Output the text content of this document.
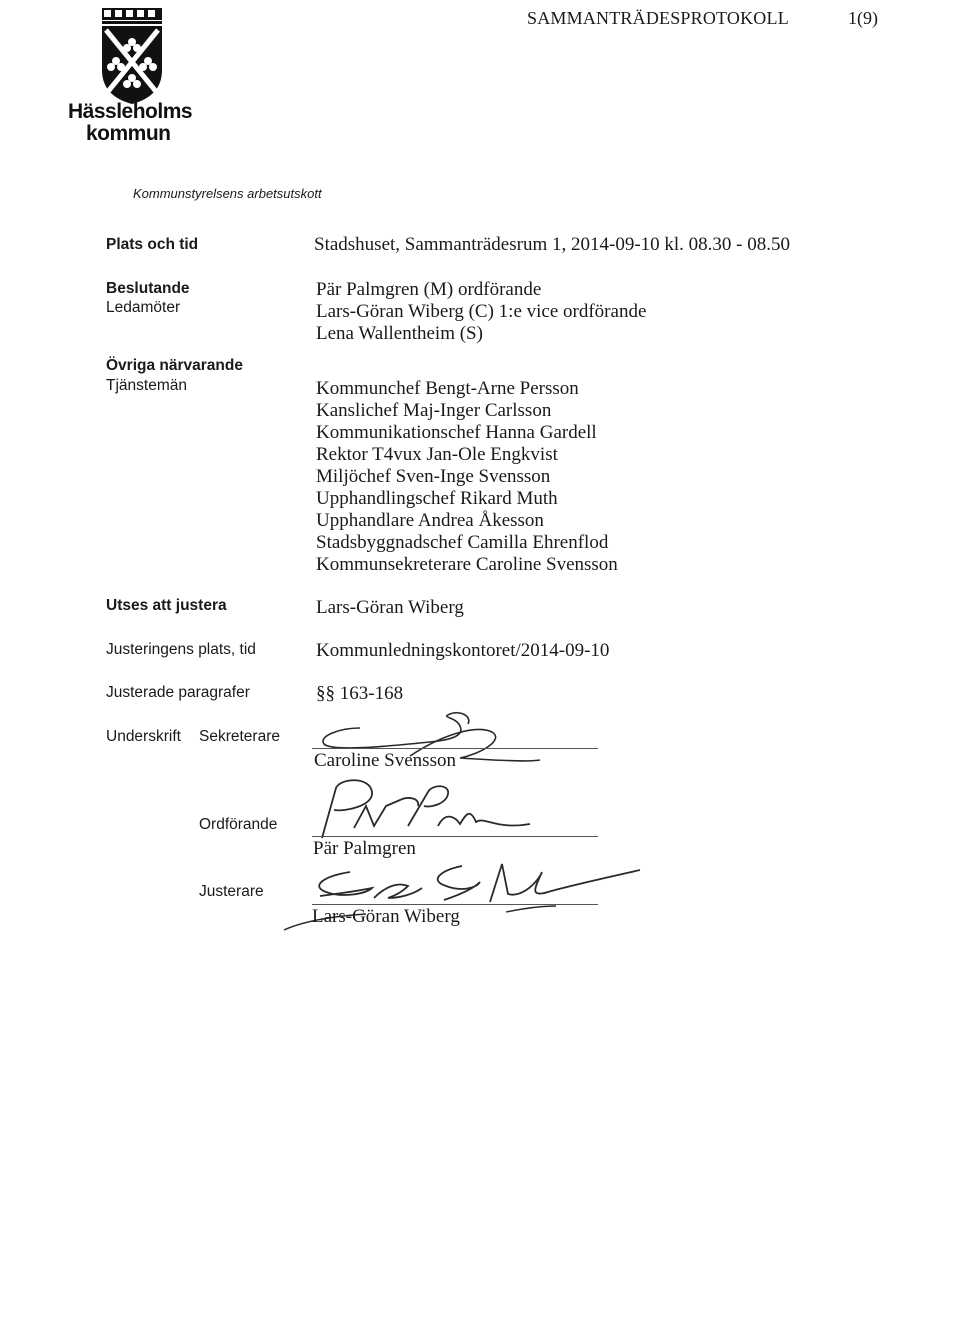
Hässleholms
kommun
SAMMANTRÄDESPROTOKOLL	1(9)
Kommunstyrelsens arbetsutskott
Plats och tid	Stadshuset, Sammanträdesrum 1, 2014-09-10 kl. 08.30 - 08.50
Beslutande
Ledamöter
Pär Palmgren (M) ordförande
Lars-Göran Wiberg (C) 1:e vice ordförande
Lena Wallentheim (S)
Övriga närvarande
Tjänstemän	Kommunchef Bengt-Arne Persson
Kanslichef Maj-Inger Carlsson
Kommunikationschef Hanna Gardell
Rektor T4vux Jan-Ole Engkvist
Miljöchef Sven-Inge Svensson
Upphandlingschef Rikard Muth
Upphandlare Andrea Åkesson
Stadsbyggnadschef Camilla Ehrenflod
Kommunsekreterare Caroline Svensson
Utses att justera	Lars-Göran Wiberg
Justeringens plats, tid	Kommunledningskontoret/2014-09-10
Justerade paragrafer	§§ 163-168
Underskrift Sekreterare
Caroline Svensson
Ordförande
Pär Palmgren
Justerare
Lars-Göran Wiberg
